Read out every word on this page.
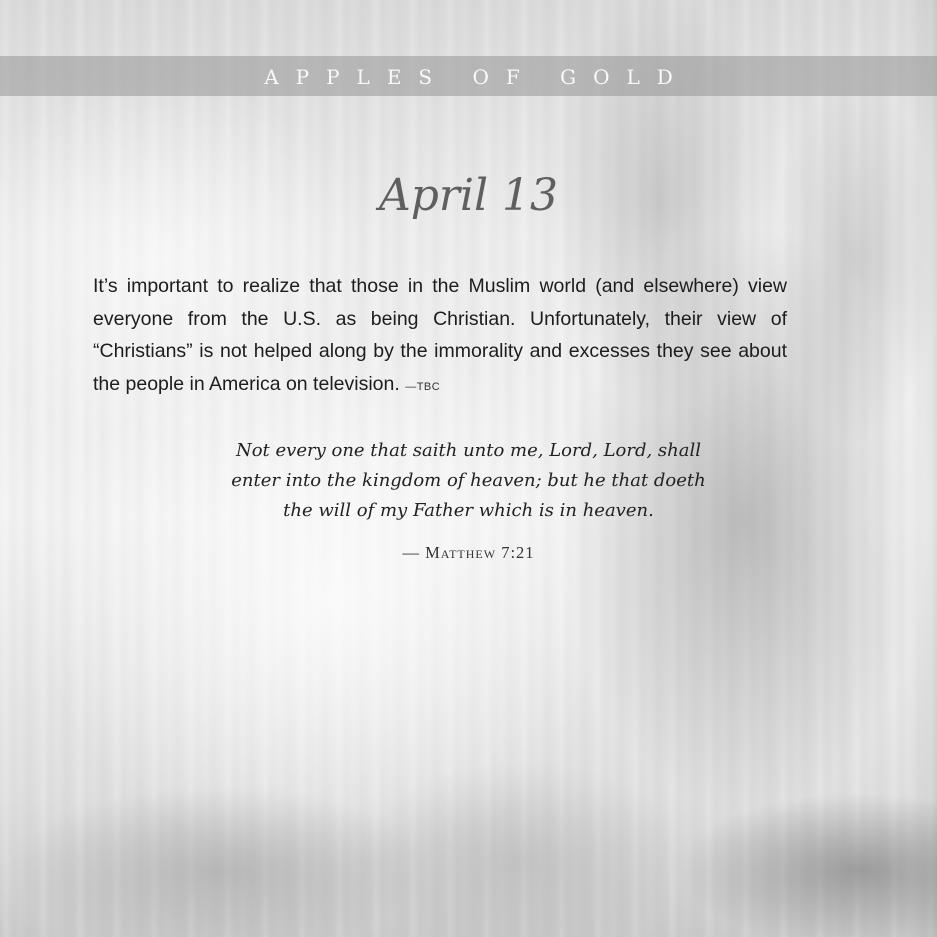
APPLES OF GOLD
April 13
It’s important to realize that those in the Muslim world (and elsewhere) view everyone from the U.S. as being Christian. Unfortunately, their view of “Christians” is not helped along by the immorality and excesses they see about the people in America on television. —TBC
Not every one that saith unto me, Lord, Lord, shall
enter into the kingdom of heaven; but he that doeth
the will of my Father which is in heaven.
— Matthew 7:21
